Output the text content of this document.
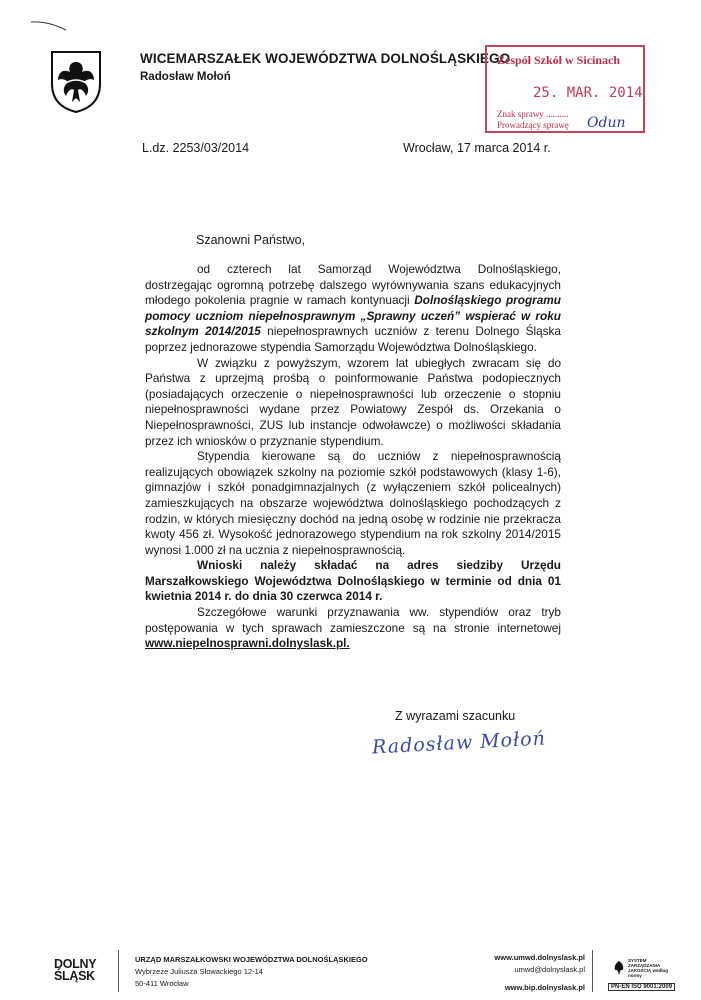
WICEMARSZAŁEK WOJEWÓDZTWA DOLNOŚLĄSKIEGO
Radosław Mołoń
Zespół Szkół w Sicinach
25. MAR. 2014
Znak sprawy ..........
Prowadzący sprawę Odun
L.dz. 2253/03/2014	Wrocław, 17 marca 2014 r.
Szanowni Państwo,

od czterech lat Samorząd Województwa Dolnośląskiego, dostrzegając ogromną potrzebę dalszego wyrównywania szans edukacyjnych młodego pokolenia pragnie w ramach kontynuacji Dolnośląskiego programu pomocy uczniom niepełnosprawnym „Sprawny uczeń” wspierać w roku szkolnym 2014/2015 niepełnosprawnych uczniów z terenu Dolnego Śląska poprzez jednorazowe stypendia Samorządu Województwa Dolnośląskiego.

W związku z powyższym, wzorem lat ubiegłych zwracam się do Państwa z uprzejmą prośbą o poinformowanie Państwa podopiecznych (posiadających orzeczenie o niepełnosprawności lub orzeczenie o stopniu niepełnosprawności wydane przez Powiatowy Zespół ds. Orzekania o Niepełnosprawności, ZUS lub instancje odwoławcze) o możliwości składania przez ich wniosków o przyznanie stypendium.

Stypendia kierowane są do uczniów z niepełnosprawnością realizujących obowiązek szkolny na poziomie szkół podstawowych (klasy 1-6), gimnazjów i szkół ponadgimnazjalnych (z wyłączeniem szkół policealnych) zamieszkujących na obszarze województwa dolnośląskiego pochodzących z rodzin, w których miesięczny dochód na jedną osobę w rodzinie nie przekracza kwoty 456 zł. Wysokość jednorazowego stypendium na rok szkolny 2014/2015 wynosi 1.000 zł na ucznia z niepełnosprawnością.

Wnioski należy składać na adres siedziby Urzędu Marszałkowskiego Województwa Dolnośląskiego w terminie od dnia 01 kwietnia 2014 r. do dnia 30 czerwca 2014 r.

Szczegółowe warunki przyznawania ww. stypendiów oraz tryb postępowania w tych sprawach zamieszczone są na stronie internetowej www.niepelnosprawni.dolnyslask.pl.

Z wyrazami szacunku
Radosław Mołoń
DOLNY
ŚLĄSK
URZĄD MARSZAŁKOWSKI WOJEWÓDZTWA DOLNOŚLĄSKIEGO
Wybrzeże Juliusza Słowackiego 12-14
50-411 Wrocław
www.umwd.dolnyslask.pl
umwd@dolnyslask.pl
www.bip.dolnyslask.pl
SYSTEM ZARZĄDZANIA JAKOŚCIĄ według normy
PN-EN ISO 9001:2009
